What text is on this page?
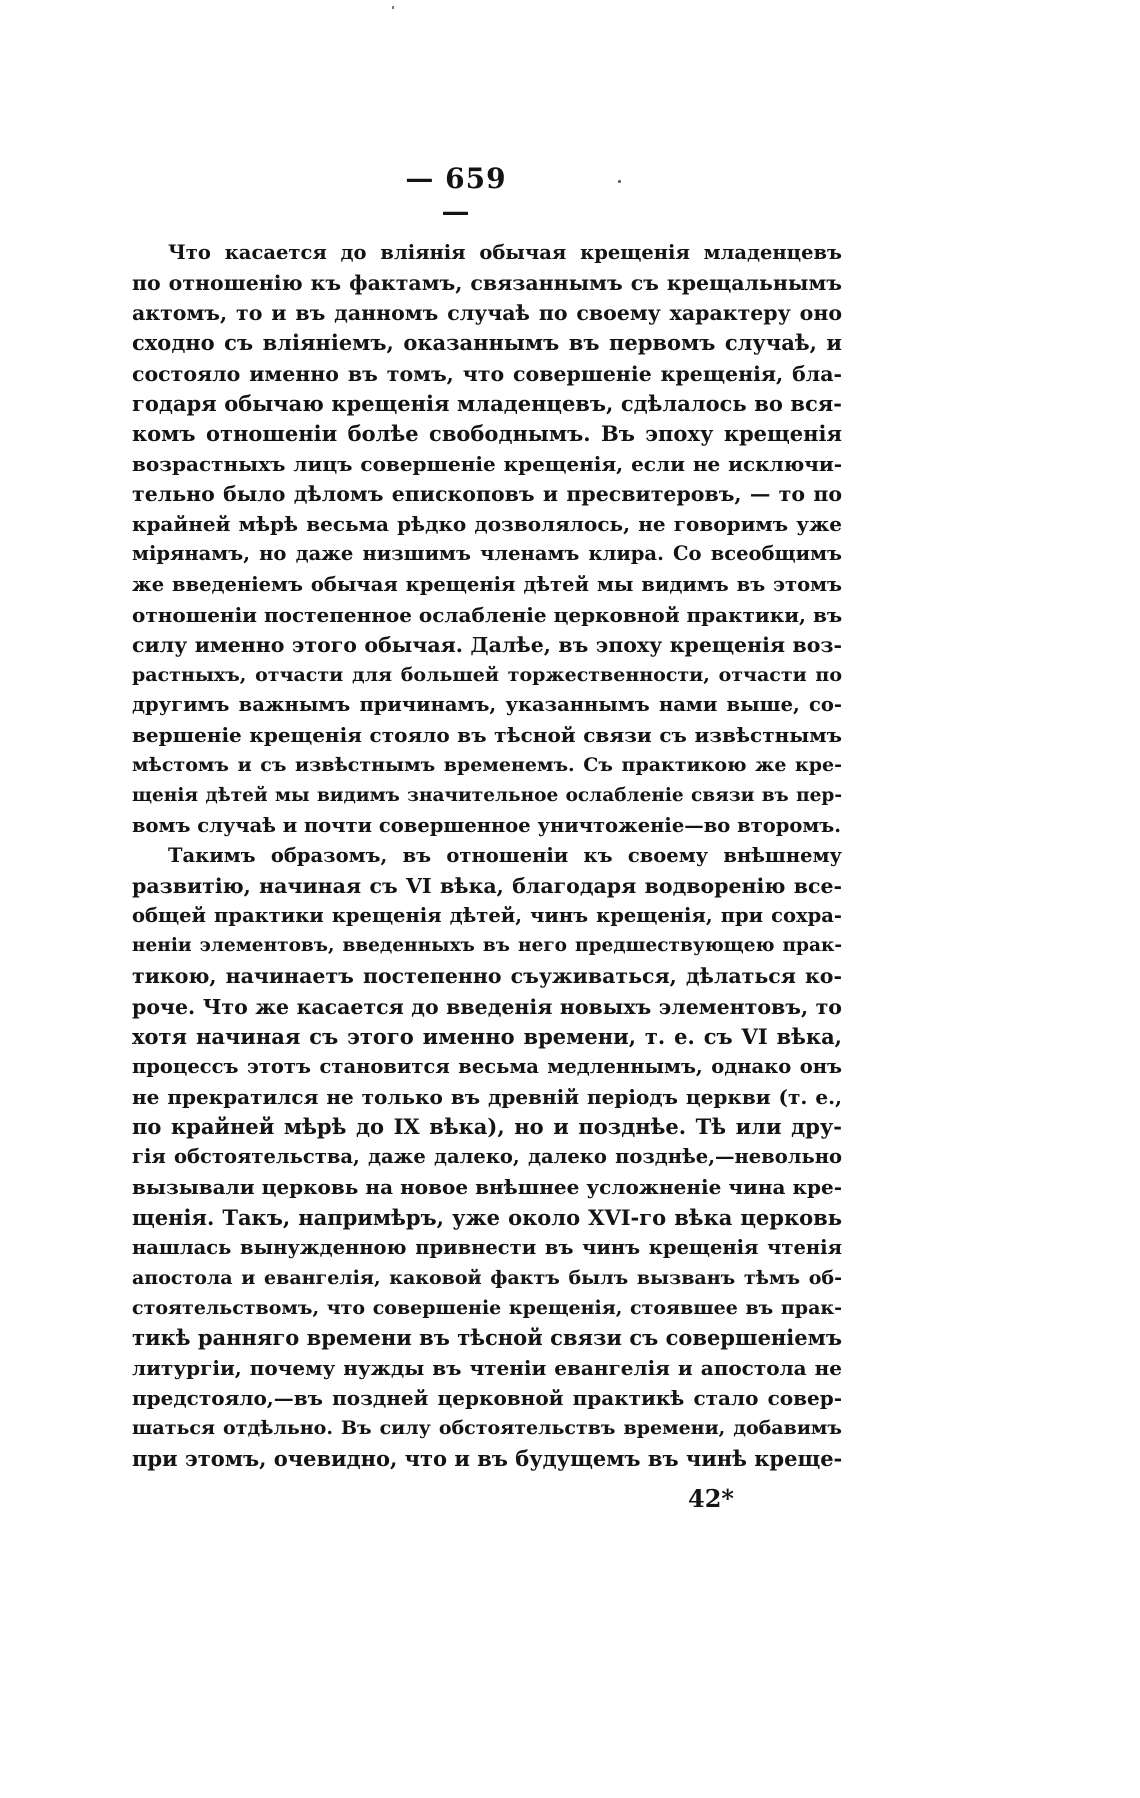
— 659 —
Что касается до вліянія обычая крещенія младенцевъ
по отношенію къ фактамъ, связаннымъ съ крещальнымъ
актомъ, то и въ данномъ случаѣ по своему характеру оно
сходно съ вліяніемъ, оказаннымъ въ первомъ случаѣ, и
состояло именно въ томъ, что совершеніе крещенія, бла-
годаря обычаю крещенія младенцевъ, сдѣлалось во вся-
комъ отношеніи болѣе свободнымъ. Въ эпоху крещенія
возрастныхъ лицъ совершеніе крещенія, если не исключи-
тельно было дѣломъ епископовъ и пресвитеровъ, — то по
крайней мѣрѣ весьма рѣдко дозволялось, не говоримъ уже
мірянамъ, но даже низшимъ членамъ клира. Со всеобщимъ
же введеніемъ обычая крещенія дѣтей мы видимъ въ этомъ
отношеніи постепенное ослабленіе церковной практики, въ
силу именно этого обычая. Далѣе, въ эпоху крещенія воз-
растныхъ, отчасти для большей торжественности, отчасти по
другимъ важнымъ причинамъ, указаннымъ нами выше, со-
вершеніе крещенія стояло въ тѣсной связи съ извѣстнымъ
мѣстомъ и съ извѣстнымъ временемъ. Съ практикою же кре-
щенія дѣтей мы видимъ значительное ослабленіе связи въ пер-
вомъ случаѣ и почти совершенное уничтоженіе—во второмъ.
Такимъ образомъ, въ отношеніи къ своему внѣшнему
развитію, начиная съ VI вѣка, благодаря водворенію все-
общей практики крещенія дѣтей, чинъ крещенія, при сохра-
неніи элементовъ, введенныхъ въ него предшествующею прак-
тикою, начинаетъ постепенно съуживаться, дѣлаться ко-
роче. Что же касается до введенія новыхъ элементовъ, то
хотя начиная съ этого именно времени, т. е. съ VI вѣка,
процессъ этотъ становится весьма медленнымъ, однако онъ
не прекратился не только въ древній періодъ церкви (т. е.,
по крайней мѣрѣ до IX вѣка), но и позднѣе. Тѣ или дру-
гія обстоятельства, даже далеко, далеко позднѣе,—невольно
вызывали церковь на новое внѣшнее усложненіе чина кре-
щенія. Такъ, напримѣръ, уже около XVI-го вѣка церковь
нашлась вынужденною привнести въ чинъ крещенія чтенія
апостола и евангелія, каковой фактъ былъ вызванъ тѣмъ об-
стоятельствомъ, что совершеніе крещенія, стоявшее въ прак-
тикѣ ранняго времени въ тѣсной связи съ совершеніемъ
литургіи, почему нужды въ чтеніи евангелія и апостола не
предстояло,—въ поздней церковной практикѣ стало совер-
шаться отдѣльно. Въ силу обстоятельствъ времени, добавимъ
при этомъ, очевидно, что и въ будущемъ въ чинѣ креще-
42*
